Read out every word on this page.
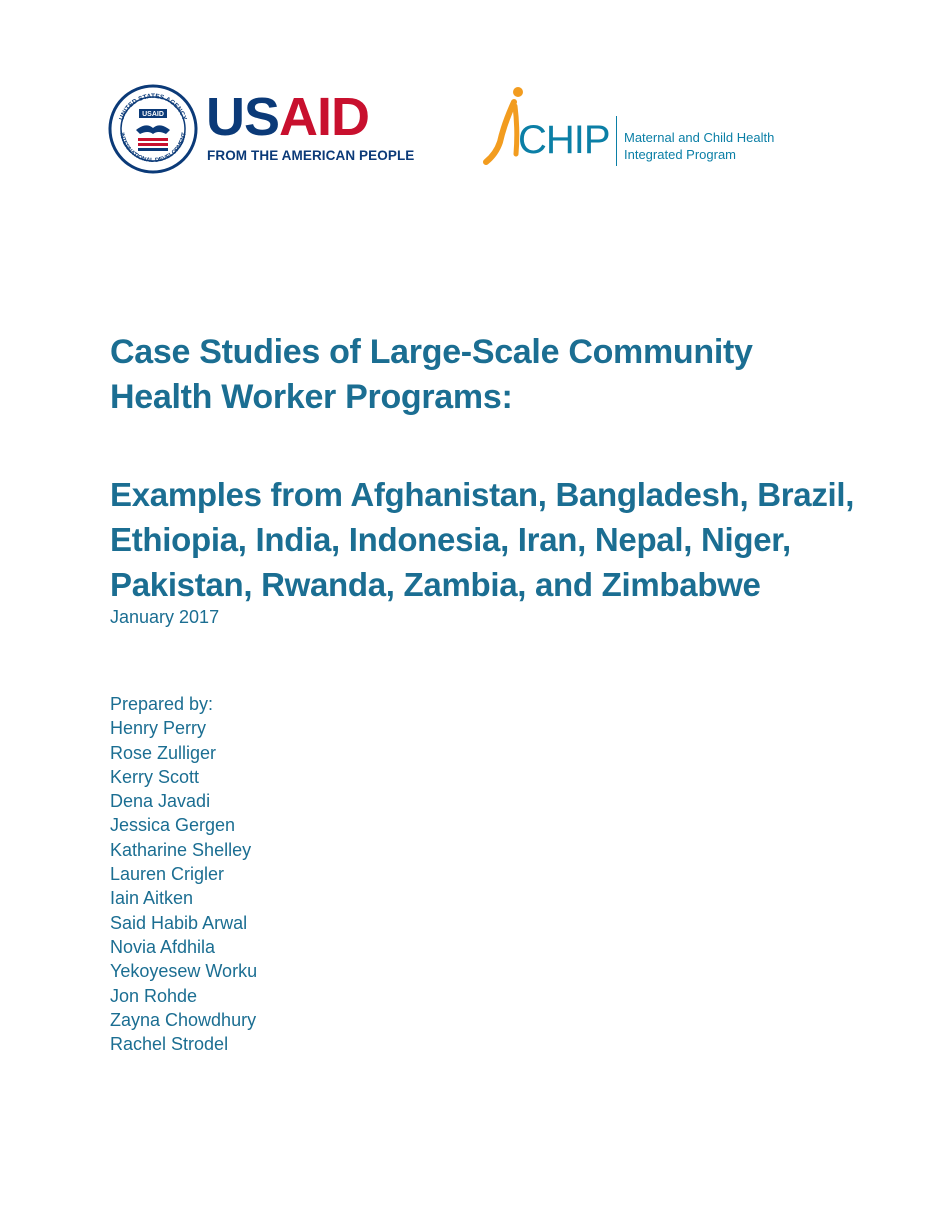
UNITED STATES AGENCY
INTERNATIONAL DEVELOPMENT
USAID USAID
FROM THE AMERICAN PEOPLE	CHIP Maternal and Child Health
Integrated Program
Case Studies of Large-Scale Community
Health Worker Programs:
Examples from Afghanistan, Bangladesh, Brazil,
Ethiopia, India, Indonesia, Iran, Nepal, Niger,
Pakistan, Rwanda, Zambia, and Zimbabwe
January 2017
Prepared by:
Henry Perry
Rose Zulliger
Kerry Scott
Dena Javadi
Jessica Gergen
Katharine Shelley
Lauren Crigler
Iain Aitken
Said Habib Arwal
Novia Afdhila
Yekoyesew Worku
Jon Rohde
Zayna Chowdhury
Rachel Strodel
